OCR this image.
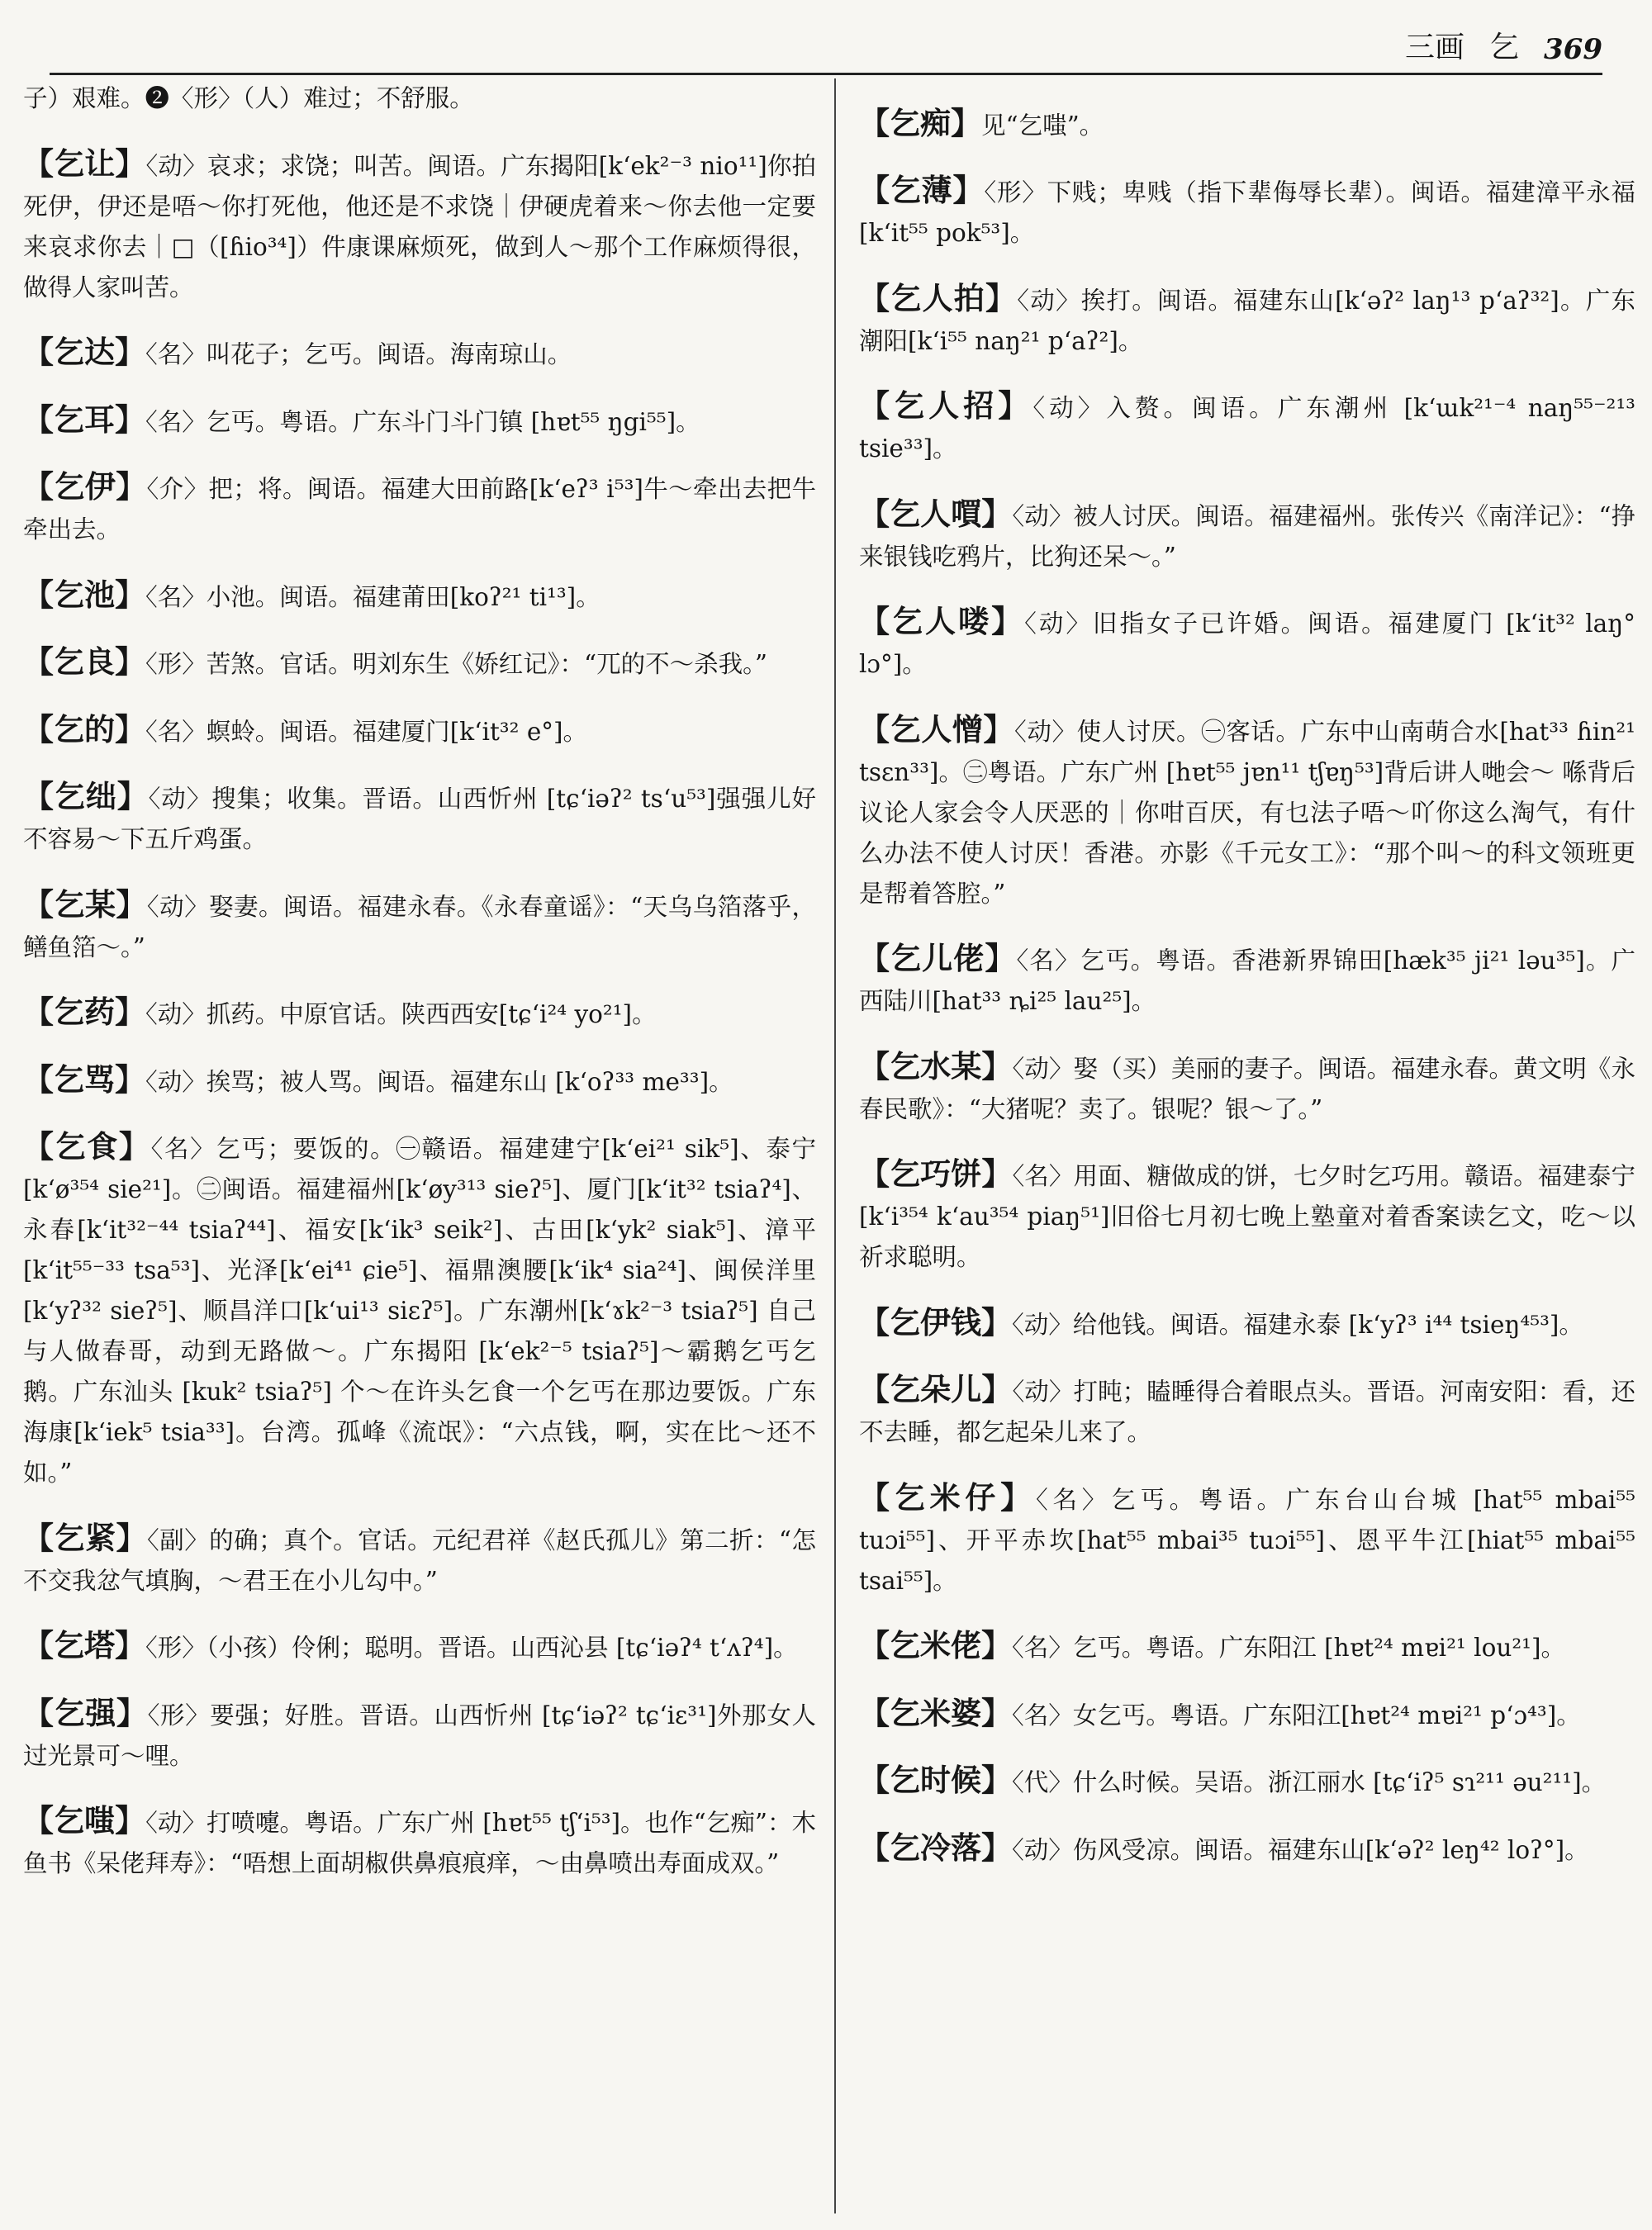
三画 乞 369

子）艰难。❷〈形〉（人）难过；不舒服。

【乞让】〈动〉哀求；求饶；叫苦。闽语。广东揭阳[kʻek²⁻³ nio¹¹]你拍死伊，伊还是唔～你打死他，他还是不求饶｜伊硬虎着来～你去他一定要来哀求你去｜□（[ɦio³⁴]）件康课麻烦死，做到人～那个工作麻烦得很，做得人家叫苦。

【乞达】〈名〉叫花子；乞丐。闽语。海南琼山。

【乞耳】〈名〉乞丐。粤语。广东斗门斗门镇 [hɐt⁵⁵ ŋgi⁵⁵]。

【乞伊】〈介〉把；将。闽语。福建大田前路[kʻeʔ³ i⁵³]牛～牵出去把牛牵出去。

【乞池】〈名〉小池。闽语。福建莆田[koʔ²¹ ti¹³]。

【乞良】〈形〉苦煞。官话。明刘东生《娇红记》：“兀的不～杀我。”

【乞的】〈名〉螟蛉。闽语。福建厦门[kʻit³² e°]。

【乞绌】〈动〉搜集；收集。晋语。山西忻州 [tɕʻiəʔ² tsʻu⁵³]强强儿好不容易～下五斤鸡蛋。

【乞某】〈动〉娶妻。闽语。福建永春。《永春童谣》：“天乌乌箔落乎，鳝鱼箔～。”

【乞药】〈动〉抓药。中原官话。陕西西安[tɕʻi²⁴ yo²¹]。

【乞骂】〈动〉挨骂；被人骂。闽语。福建东山 [kʻoʔ³³ me³³]。

【乞食】〈名〉乞丐；要饭的。㊀赣语。福建建宁[kʻei²¹ sik⁵]、泰宁[kʻø³⁵⁴ sie²¹]。㊁闽语。福建福州[kʻøy³¹³ sieʔ⁵]、厦门[kʻit³² tsiaʔ⁴]、永春[kʻit³²⁻⁴⁴ tsiaʔ⁴⁴]、福安[kʻik³ seik²]、古田[kʻyk² siak⁵]、漳平[kʻit⁵⁵⁻³³ tsa⁵³]、光泽[kʻei⁴¹ ɕie⁵]、福鼎澳腰[kʻik⁴ sia²⁴]、闽侯洋里[kʻyʔ³² sieʔ⁵]、顺昌洋口[kʻui¹³ siɛʔ⁵]。广东潮州[kʻɤk²⁻³ tsiaʔ⁵] 自己与人做春哥，动到无路做～。广东揭阳 [kʻek²⁻⁵ tsiaʔ⁵]～霸鹅乞丐乞鹅。广东汕头 [kuk² tsiaʔ⁵] 个～在许头乞食一个乞丐在那边要饭。广东海康[kʻiek⁵ tsia³³]。台湾。孤峰《流氓》：“六点钱，啊，实在比～还不如。”

【乞紧】〈副〉的确；真个。官话。元纪君祥《赵氏孤儿》第二折：“怎不交我忿气填胸，～君王在小儿勾中。”

【乞塔】〈形〉（小孩）伶俐；聪明。晋语。山西沁县 [tɕʻiəʔ⁴ tʻʌʔ⁴]。

【乞强】〈形〉要强；好胜。晋语。山西忻州 [tɕʻiəʔ² tɕʻiɛ³¹]外那女人过光景可～哩。

【乞嗤】〈动〉打喷嚏。粤语。广东广州 [hɐt⁵⁵ tʃʻi⁵³]。也作“乞痴”：木鱼书《呆佬拜寿》：“唔想上面胡椒供鼻痕痕痒，～由鼻喷出寿面成双。”

【乞痴】见“乞嗤”。

【乞薄】〈形〉下贱；卑贱（指下辈侮辱长辈）。闽语。福建漳平永福[kʻit⁵⁵ pok⁵³]。

【乞人拍】〈动〉挨打。闽语。福建东山[kʻəʔ² laŋ¹³ pʻaʔ³²]。广东潮阳[kʻi⁵⁵ naŋ²¹ pʻaʔ²]。

【乞人招】〈动〉入赘。闽语。广东潮州 [kʻɯk²¹⁻⁴ naŋ⁵⁵⁻²¹³ tsie³³]。

【乞人嘪】〈动〉被人讨厌。闽语。福建福州。张传兴《南洋记》：“挣来银钱吃鸦片，比狗还呆～。”

【乞人喽】〈动〉旧指女子已许婚。闽语。福建厦门 [kʻit³² laŋ° lɔ°]。

【乞人憎】〈动〉使人讨厌。㊀客话。广东中山南萌合水[hat³³ ɦin²¹ tsɛn³³]。㊁粤语。广东广州 [hɐt⁵⁵ jɐn¹¹ tʃɐŋ⁵³]背后讲人哋会～ 喺背后议论人家会令人厌恶的｜你咁百厌，有乜法子唔～吖你这么淘气，有什么办法不使人讨厌！香港。亦影《千元女工》：“那个叫～的科文领班更是帮着答腔。”

【乞儿佬】〈名〉乞丐。粤语。香港新界锦田[hæk³⁵ ji²¹ ləu³⁵]。广西陆川[hat³³ ȵi²⁵ lau²⁵]。

【乞水某】〈动〉娶（买）美丽的妻子。闽语。福建永春。黄文明《永春民歌》：“大猪呢？卖了。银呢？银～了。”

【乞巧饼】〈名〉用面、糖做成的饼，七夕时乞巧用。赣语。福建泰宁[kʻi³⁵⁴ kʻau³⁵⁴ piaŋ⁵¹]旧俗七月初七晚上塾童对着香案读乞文，吃～以祈求聪明。

【乞伊钱】〈动〉给他钱。闽语。福建永泰 [kʻyʔ³ i⁴⁴ tsieŋ⁴⁵³]。

【乞朵儿】〈动〉打盹；瞌睡得合着眼点头。晋语。河南安阳：看，还不去睡，都乞起朵儿来了。

【乞米仔】〈名〉乞丐。粤语。广东台山台城 [hat⁵⁵ mbai⁵⁵ tuɔi⁵⁵]、开平赤坎[hat⁵⁵ mbai³⁵ tuɔi⁵⁵]、恩平牛江[hiat⁵⁵ mbai⁵⁵ tsai⁵⁵]。

【乞米佬】〈名〉乞丐。粤语。广东阳江 [hɐt²⁴ mɐi²¹ lou²¹]。

【乞米婆】〈名〉女乞丐。粤语。广东阳江[hɐt²⁴ mɐi²¹ pʻɔ⁴³]。

【乞时候】〈代〉什么时候。吴语。浙江丽水 [tɕʻiʔ⁵ sɿ²¹¹ əu²¹¹]。

【乞冷落】〈动〉伤风受凉。闽语。福建东山[kʻəʔ² leŋ⁴² loʔ°]。
